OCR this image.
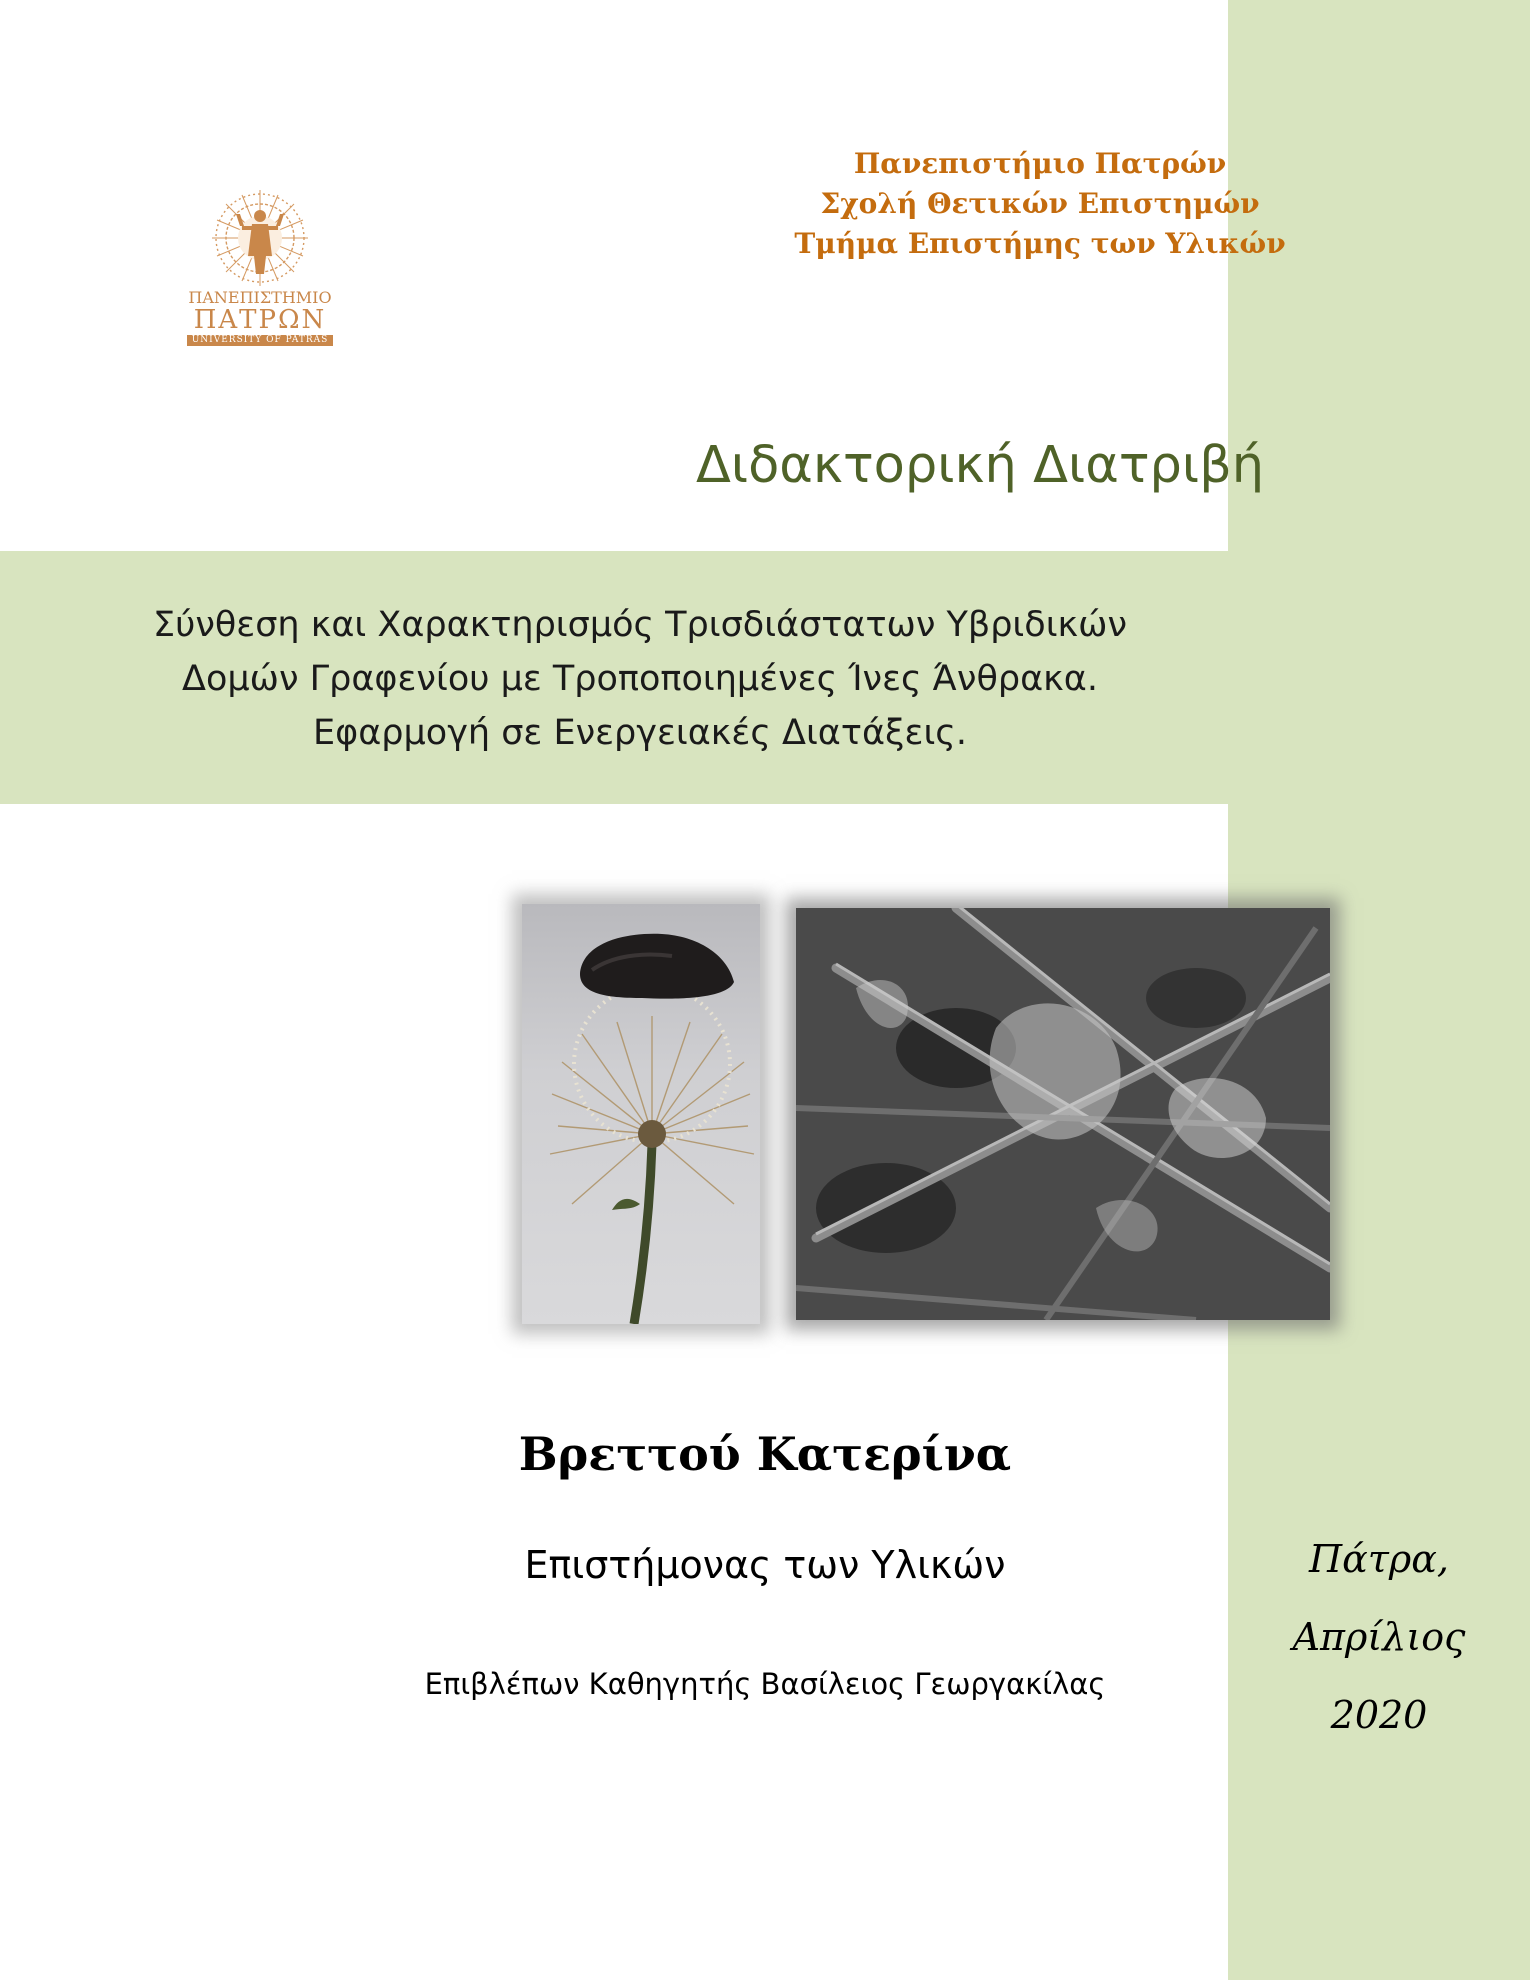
ΠΑΝΕΠΙΣΤΗΜΙΟ
ΠΑΤΡΩΝ
UNIVERSITY OF PATRAS
Πανεπιστήμιο Πατρών
Σχολή Θετικών Επιστημών
Τμήμα Επιστήμης των Υλικών
Διδακτορική Διατριβή
Σύνθεση και Χαρακτηρισμός Τρισδιάστατων Υβριδικών
Δομών Γραφενίου με Τροποποιημένες Ίνες Άνθρακα.
Εφαρμογή σε Ενεργειακές Διατάξεις.
Βρεττού Κατερίνα
Επιστήμονας των Υλικών
Επιβλέπων Καθηγητής Βασίλειος Γεωργακίλας
Πάτρα,
Απρίλιος
2020
